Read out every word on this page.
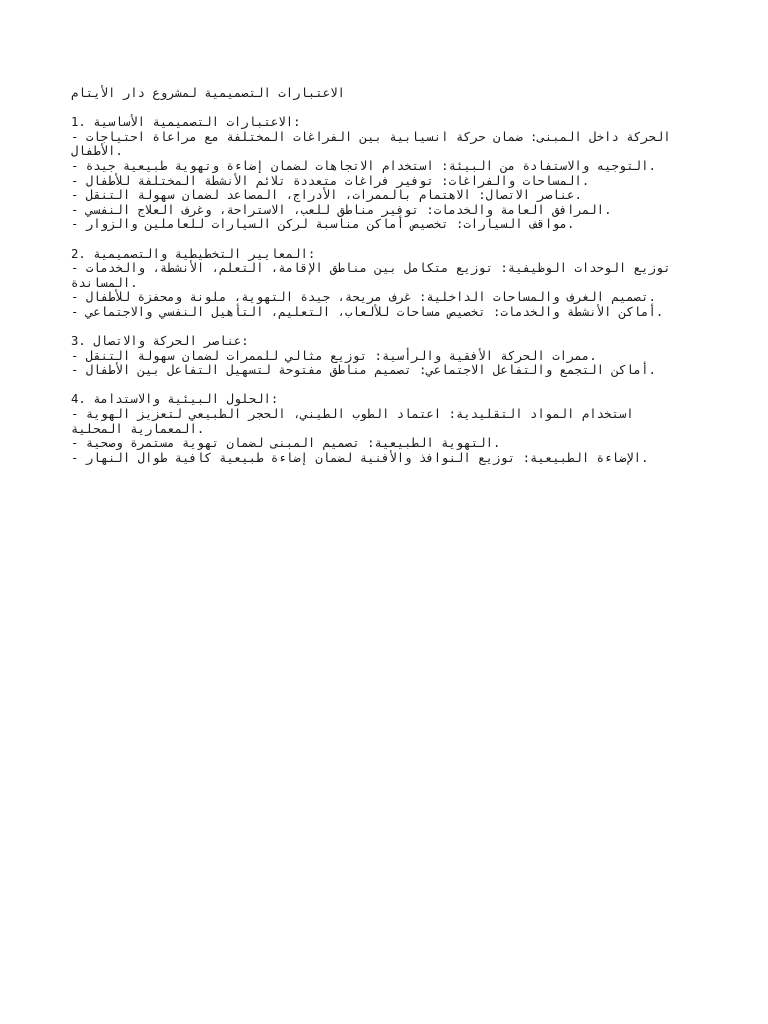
الاعتبارات التصميمية لمشروع دار الأيتام
1. الاعتبارات التصميمية الأساسية:
- الحركة داخل المبنى: ضمان حركة انسيابية بين الفراغات المختلفة مع مراعاة احتياجات الأطفال.
- التوجيه والاستفادة من البيئة: استخدام الاتجاهات لضمان إضاءة وتهوية طبيعية جيدة.
- المساحات والفراغات: توفير فراغات متعددة تلائم الأنشطة المختلفة للأطفال.
- عناصر الاتصال: الاهتمام بالممرات، الأدراج، المصاعد لضمان سهولة التنقل.
- المرافق العامة والخدمات: توفير مناطق للعب، الاستراحة، وغرف العلاج النفسي.
- مواقف السيارات: تخصيص أماكن مناسبة لركن السيارات للعاملين والزوار.
2. المعايير التخطيطية والتصميمية:
- توزيع الوحدات الوظيفية: توزيع متكامل بين مناطق الإقامة، التعلم، الأنشطة، والخدمات المساندة.
- تصميم الغرف والمساحات الداخلية: غرف مريحة، جيدة التهوية، ملونة ومحفزة للأطفال.
- أماكن الأنشطة والخدمات: تخصيص مساحات للألعاب، التعليم، التأهيل النفسي والاجتماعي.
3. عناصر الحركة والاتصال:
- ممرات الحركة الأفقية والرأسية: توزيع مثالي للممرات لضمان سهولة التنقل.
- أماكن التجمع والتفاعل الاجتماعي: تصميم مناطق مفتوحة لتسهيل التفاعل بين الأطفال.
4. الحلول البيئية والاستدامة:
- استخدام المواد التقليدية: اعتماد الطوب الطيني، الحجر الطبيعي لتعزيز الهوية المعمارية المحلية.
- التهوية الطبيعية: تصميم المبنى لضمان تهوية مستمرة وصحية.
- الإضاءة الطبيعية: توزيع النوافذ والأفنية لضمان إضاءة طبيعية كافية طوال النهار.
